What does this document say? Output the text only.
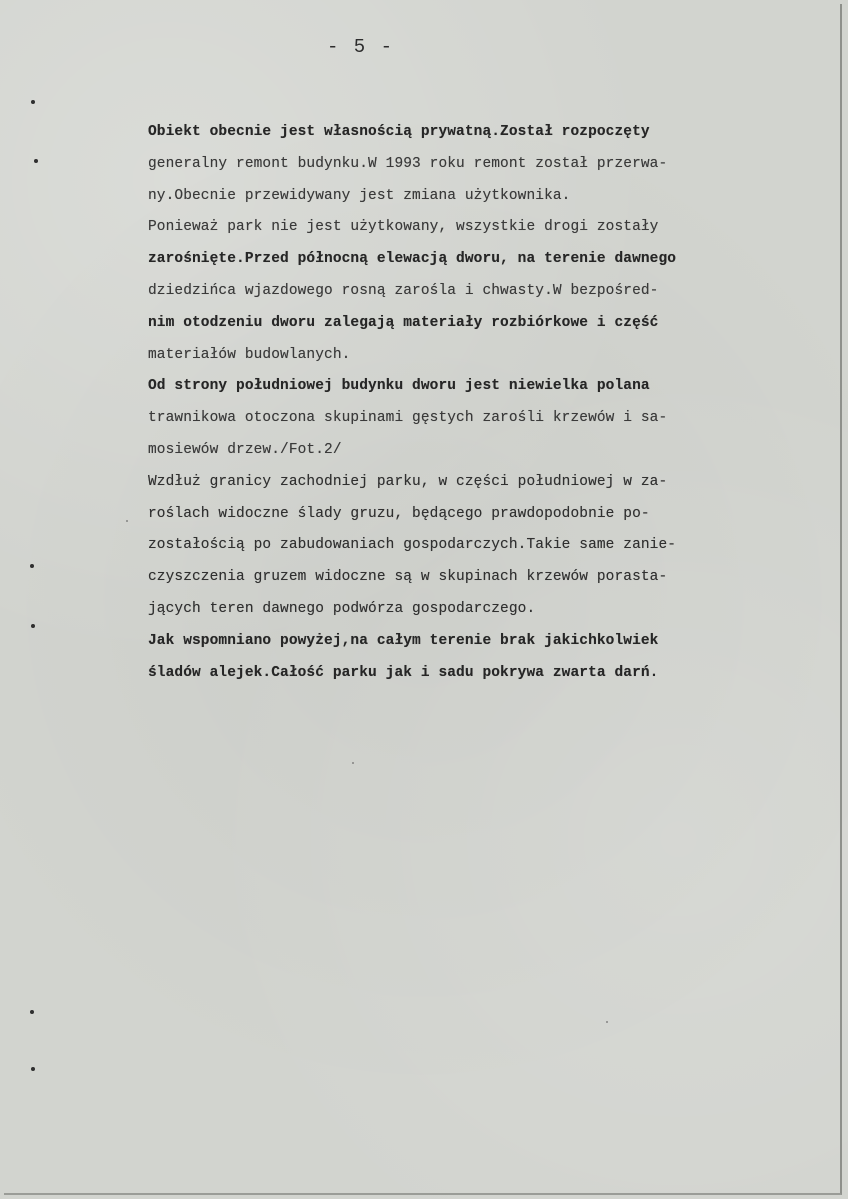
- 5 -
Obiekt obecnie jest własnością prywatną.Został rozpoczęty
generalny remont budynku.W 1993 roku remont został przerwa-
ny.Obecnie przewidywany jest zmiana użytkownika.
Ponieważ park nie jest użytkowany, wszystkie drogi zostały
zarośnięte.Przed północną elewacją dworu, na terenie dawnego
dziedzińca wjazdowego rosną zarośla i chwasty.W bezpośred-
nim otodzeniu dworu zalegają materiały rozbiórkowe i część
materiałów budowlanych.
Od strony południowej budynku dworu jest niewielka polana
trawnikowa otoczona skupinami gęstych zarośli krzewów i sa-
mosiewów drzew./Fot.2/
Wzdłuż granicy zachodniej parku, w części południowej w za-
roślach widoczne ślady gruzu, będącego prawdopodobnie po-
zostałością po zabudowaniach gospodarczych.Takie same zanie-
czyszczenia gruzem widoczne są w skupinach krzewów porasta-
jących teren dawnego podwórza gospodarczego.
Jak wspomniano powyżej,na całym terenie brak jakichkolwiek
śladów alejek.Całość parku jak i sadu pokrywa zwarta darń.
